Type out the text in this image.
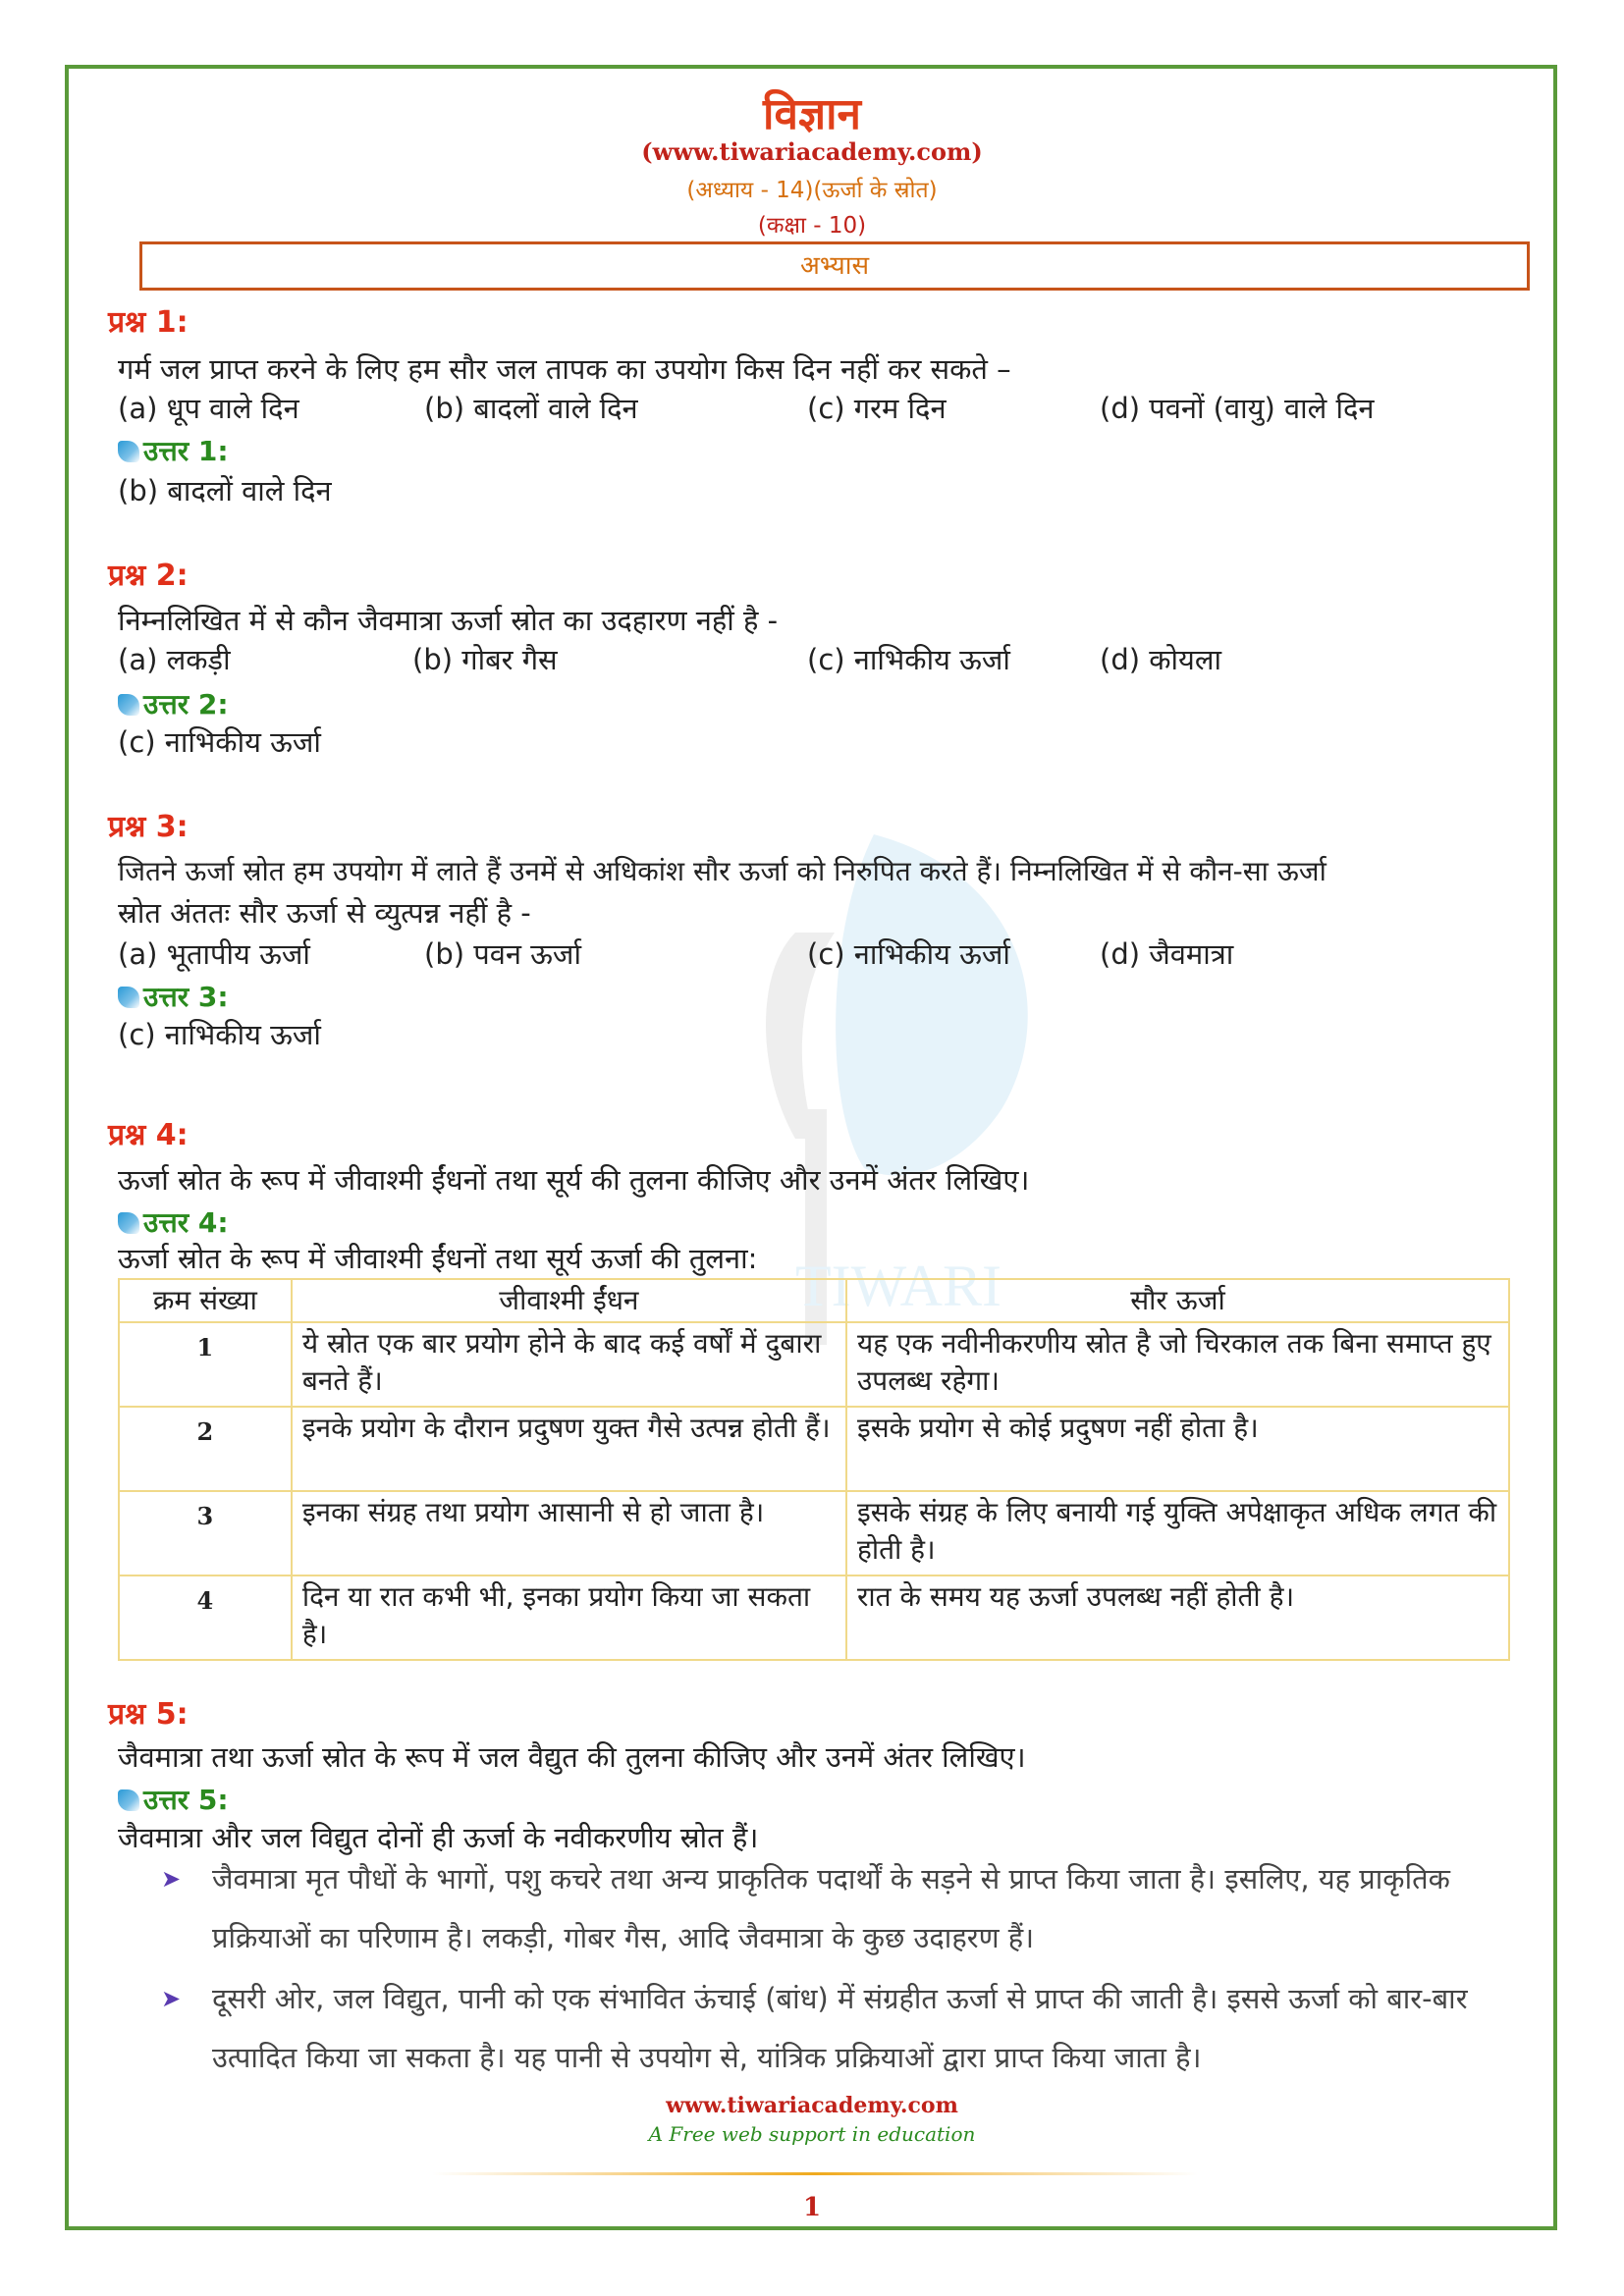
TIWARI
विज्ञान
(www.tiwariacademy.com)
(अध्याय - 14)(ऊर्जा के स्रोत)
(कक्षा - 10)
अभ्यास
प्रश्न 1:
गर्म जल प्राप्त करने के लिए हम सौर जल तापक का उपयोग किस दिन नहीं कर सकते –
(a) धूप वाले दिन	(b) बादलों वाले दिन	(c) गरम दिन	(d) पवनों (वायु) वाले दिन
उत्तर 1:
(b) बादलों वाले दिन
प्रश्न 2:
निम्नलिखित में से कौन जैवमात्रा ऊर्जा स्रोत का उदहारण नहीं है -
(a) लकड़ी	(b) गोबर गैस	(c) नाभिकीय ऊर्जा	(d) कोयला
उत्तर 2:
(c) नाभिकीय ऊर्जा
प्रश्न 3:
जितने ऊर्जा स्रोत हम उपयोग में लाते हैं उनमें से अधिकांश सौर ऊर्जा को निरुपित करते हैं। निम्नलिखित में से कौन-सा ऊर्जा
स्रोत अंततः सौर ऊर्जा से व्युत्पन्न नहीं है -
(a) भूतापीय ऊर्जा	(b) पवन ऊर्जा	(c) नाभिकीय ऊर्जा	(d) जैवमात्रा
उत्तर 3:
(c) नाभिकीय ऊर्जा
प्रश्न 4:
ऊर्जा स्रोत के रूप में जीवाश्मी ईंधनों तथा सूर्य की तुलना कीजिए और उनमें अंतर लिखिए।
उत्तर 4:
ऊर्जा स्रोत के रूप में जीवाश्मी ईंधनों तथा सूर्य ऊर्जा की तुलना:
क्रम संख्या	जीवाश्मी ईंधन	सौर ऊर्जा
1	ये स्रोत एक बार प्रयोग होने के बाद कई वर्षों में दुबारा बनते हैं।	यह एक नवीनीकरणीय स्रोत है जो चिरकाल तक बिना समाप्त हुए उपलब्ध रहेगा।
2	इनके प्रयोग के दौरान प्रदुषण युक्त गैसे उत्पन्न होती हैं।	इसके प्रयोग से कोई प्रदुषण नहीं होता है।
3	इनका संग्रह तथा प्रयोग आसानी से हो जाता है।	इसके संग्रह के लिए बनायी गई युक्ति अपेक्षाकृत अधिक लगत की होती है।
4	दिन या रात कभी भी, इनका प्रयोग किया जा सकता है।	रात के समय यह ऊर्जा उपलब्ध नहीं होती है।
प्रश्न 5:
जैवमात्रा तथा ऊर्जा स्रोत के रूप में जल वैद्युत की तुलना कीजिए और उनमें अंतर लिखिए।
उत्तर 5:
जैवमात्रा और जल विद्युत दोनों ही ऊर्जा के नवीकरणीय स्रोत हैं।
➤ जैवमात्रा मृत पौधों के भागों, पशु कचरे तथा अन्य प्राकृतिक पदार्थों के सड़ने से प्राप्त किया जाता है। इसलिए, यह प्राकृतिक प्रक्रियाओं का परिणाम है। लकड़ी, गोबर गैस, आदि जैवमात्रा के कुछ उदाहरण हैं।
➤ दूसरी ओर, जल विद्युत, पानी को एक संभावित ऊंचाई (बांध) में संग्रहीत ऊर्जा से प्राप्त की जाती है। इससे ऊर्जा को बार-बार उत्पादित किया जा सकता है। यह पानी से उपयोग से, यांत्रिक प्रक्रियाओं द्वारा प्राप्त किया जाता है।
www.tiwariacademy.com
A Free web support in education
1
